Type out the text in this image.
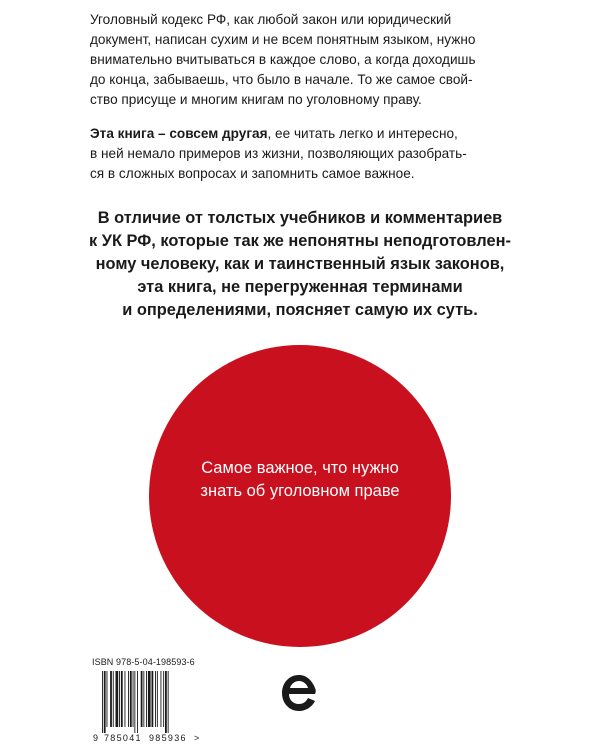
Уголовный кодекс РФ, как любой закон или юридический
документ, написан сухим и не всем понятным языком, нужно
внимательно вчитываться в каждое слово, а когда доходишь
до конца, забываешь, что было в начале. То же самое свой-
ство присуще и многим книгам по уголовному праву.

Эта книга – совсем другая, ее читать легко и интересно,
в ней немало примеров из жизни, позволяющих разобрать-
ся в сложных вопросах и запомнить самое важное.

В отличие от толстых учебников и комментариев
к УК РФ, которые так же непонятны неподготовлен-
ному человеку, как и таинственный язык законов,
эта книга, не перегруженная терминами
и определениями, поясняет самую их суть.
Самое важное, что нужно
знать об уголовном праве
ISBN 978-5-04-198593-6
9 785041 985936 >
